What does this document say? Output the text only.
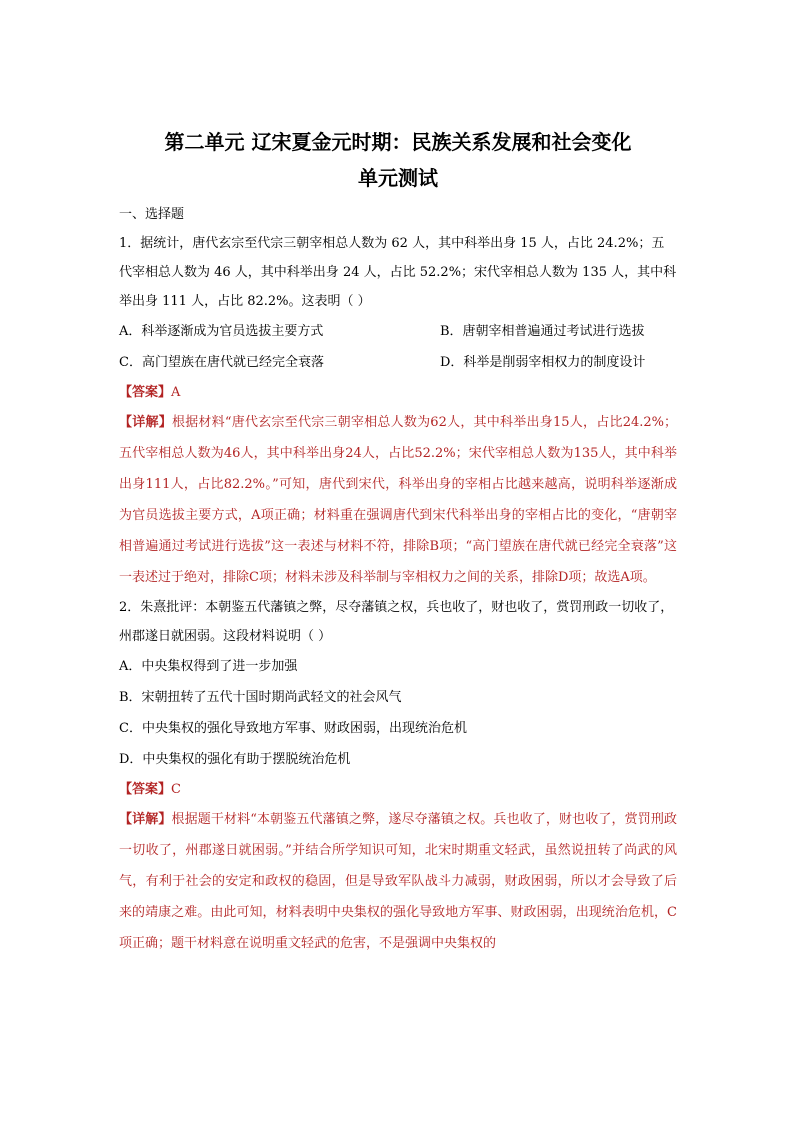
第二单元 辽宋夏金元时期：民族关系发展和社会变化
单元测试
一、选择题

1．据统计，唐代玄宗至代宗三朝宰相总人数为 62 人，其中科举出身 15 人，占比 24.2%；五代宰相总人数为 46 人，其中科举出身 24 人，占比 52.2%；宋代宰相总人数为 135 人，其中科举出身 111 人，占比 82.2%。这表明（ ）

A．科举逐渐成为官员选拔主要方式	B．唐朝宰相普遍通过考试进行选拔

C．高门望族在唐代就已经完全衰落	D．科举是削弱宰相权力的制度设计

【答案】A

【详解】根据材料“唐代玄宗至代宗三朝宰相总人数为62人，其中科举出身15人，占比24.2%；五代宰相总人数为46人，其中科举出身24人，占比52.2%；宋代宰相总人数为135人，其中科举出身111人，占比82.2%。”可知，唐代到宋代，科举出身的宰相占比越来越高，说明科举逐渐成为官员选拔主要方式，A项正确；材料重在强调唐代到宋代科举出身的宰相占比的变化，“唐朝宰相普遍通过考试进行选拔”这一表述与材料不符，排除B项；“高门望族在唐代就已经完全衰落”这一表述过于绝对，排除C项；材料未涉及科举制与宰相权力之间的关系，排除D项；故选A项。

2．朱熹批评：本朝鉴五代藩镇之弊，尽夺藩镇之权，兵也收了，财也收了，赏罚刑政一切收了，州郡遂日就困弱。这段材料说明（ ）

A．中央集权得到了进一步加强

B．宋朝扭转了五代十国时期尚武轻文的社会风气

C．中央集权的强化导致地方军事、财政困弱，出现统治危机

D．中央集权的强化有助于摆脱统治危机

【答案】C

【详解】根据题干材料“本朝鉴五代藩镇之弊，遂尽夺藩镇之权。兵也收了，财也收了，赏罚刑政一切收了，州郡遂日就困弱。”并结合所学知识可知，北宋时期重文轻武，虽然说扭转了尚武的风气，有利于社会的安定和政权的稳固，但是导致军队战斗力减弱，财政困弱，所以才会导致了后来的靖康之难。由此可知，材料表明中央集权的强化导致地方军事、财政困弱，出现统治危机，C项正确；题干材料意在说明重文轻武的危害，不是强调中央集权的
